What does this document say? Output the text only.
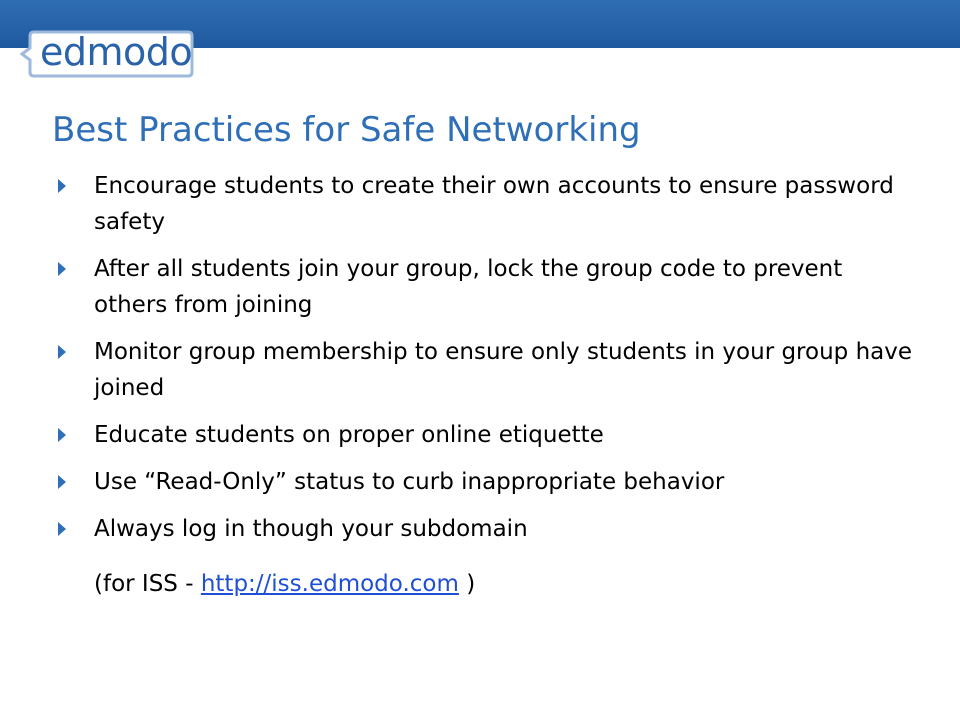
edmodo
Best Practices for Safe Networking
Encourage students to create their own accounts to ensure password safety
After all students join your group, lock the group code to prevent others from joining
Monitor group membership to ensure only students in your group have joined
Educate students on proper online etiquette
Use “Read-Only” status to curb inappropriate behavior
Always log in though your subdomain
(for ISS - http://iss.edmodo.com )
